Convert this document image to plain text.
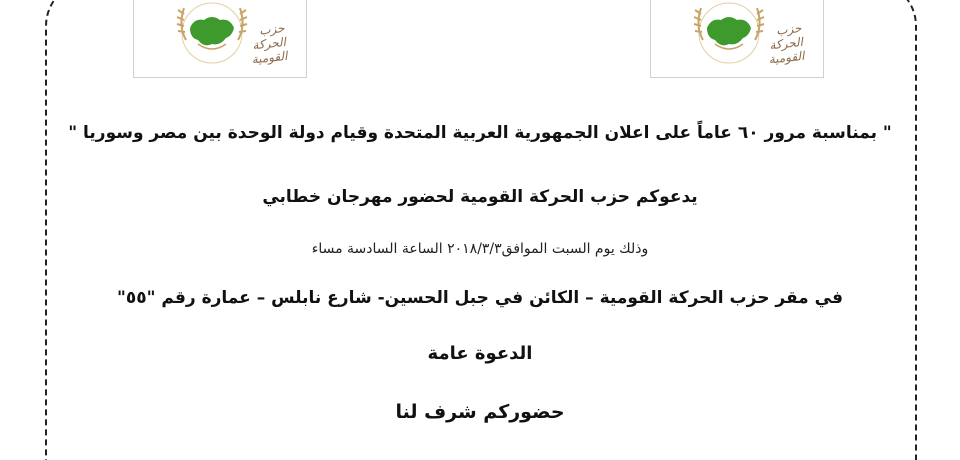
حزب
الحركة القومية
حزب
الحركة القومية
" بمناسبة مرور ٦٠ عاماً على اعلان الجمهورية العربية المتحدة وقيام دولة الوحدة بين مصر وسوريا "
يدعوكم حزب الحركة القومية لحضور مهرجان خطابي
وذلك يوم السبت الموافق٢٠١٨/٣/٣ الساعة السادسة مساء
في مقر حزب الحركة القومية – الكائن في جبل الحسين- شارع نابلس – عمارة رقم "٥٥"
الدعوة عامة
حضوركم شرف لنا
